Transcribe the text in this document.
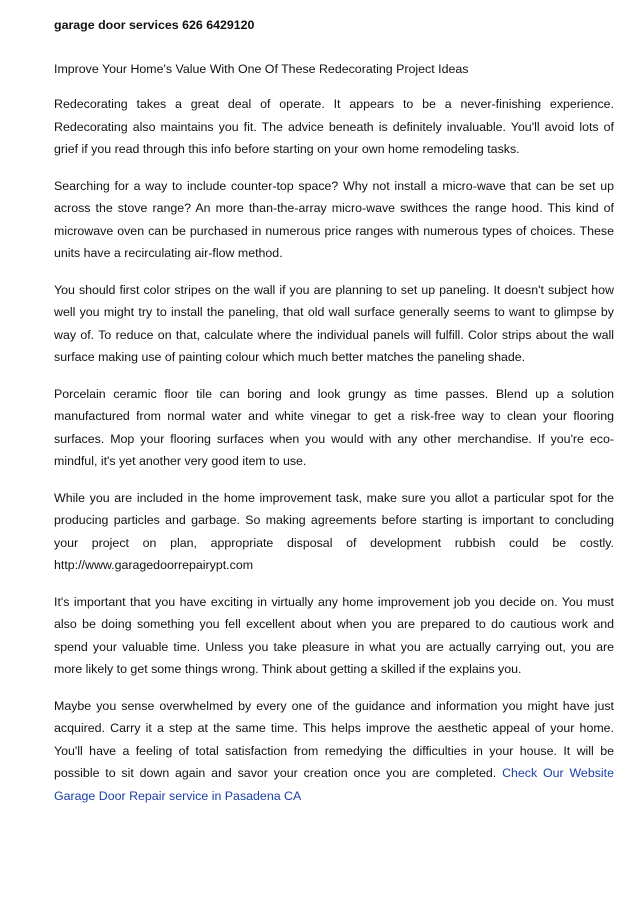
garage door services 626 6429120
Improve Your Home's Value With One Of These Redecorating Project Ideas

Redecorating takes a great deal of operate. It appears to be a never-finishing experience. Redecorating also maintains you fit. The advice beneath is definitely invaluable. You'll avoid lots of grief if you read through this info before starting on your own home remodeling tasks.

Searching for a way to include counter-top space? Why not install a micro-wave that can be set up across the stove range? An more than-the-array micro-wave swithces the range hood. This kind of microwave oven can be purchased in numerous price ranges with numerous types of choices. These units have a recirculating air-flow method.

You should first color stripes on the wall if you are planning to set up paneling. It doesn't subject how well you might try to install the paneling, that old wall surface generally seems to want to glimpse by way of. To reduce on that, calculate where the individual panels will fulfill. Color strips about the wall surface making use of painting colour which much better matches the paneling shade.

Porcelain ceramic floor tile can boring and look grungy as time passes. Blend up a solution manufactured from normal water and white vinegar to get a risk-free way to clean your flooring surfaces. Mop your flooring surfaces when you would with any other merchandise. If you're eco-mindful, it's yet another very good item to use.

While you are included in the home improvement task, make sure you allot a particular spot for the producing particles and garbage. So making agreements before starting is important to concluding your project on plan, appropriate disposal of development rubbish could be costly. http://www.garagedoorrepairypt.com

It's important that you have exciting in virtually any home improvement job you decide on. You must also be doing something you fell excellent about when you are prepared to do cautious work and spend your valuable time. Unless you take pleasure in what you are actually carrying out, you are more likely to get some things wrong. Think about getting a skilled if the explains you.

Maybe you sense overwhelmed by every one of the guidance and information you might have just acquired. Carry it a step at the same time. This helps improve the aesthetic appeal of your home. You'll have a feeling of total satisfaction from remedying the difficulties in your house. It will be possible to sit down again and savor your creation once you are completed. Check Our Website Garage Door Repair service in Pasadena CA
